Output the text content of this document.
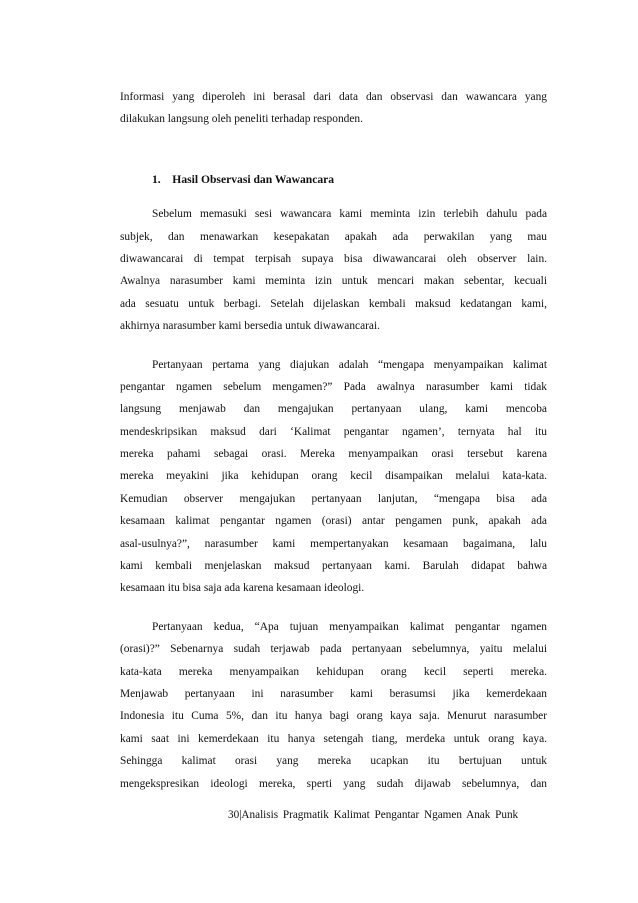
Informasi yang diperoleh ini berasal dari data dan observasi dan wawancara yang
dilakukan langsung oleh peneliti terhadap responden.
1. Hasil Observasi dan Wawancara
Sebelum memasuki sesi wawancara kami meminta izin terlebih dahulu pada
subjek, dan menawarkan kesepakatan apakah ada perwakilan yang mau
diwawancarai di tempat terpisah supaya bisa diwawancarai oleh observer lain.
Awalnya narasumber kami meminta izin untuk mencari makan sebentar, kecuali
ada sesuatu untuk berbagi. Setelah dijelaskan kembali maksud kedatangan kami,
akhirnya narasumber kami bersedia untuk diwawancarai.
Pertanyaan pertama yang diajukan adalah “mengapa menyampaikan kalimat
pengantar ngamen sebelum mengamen?” Pada awalnya narasumber kami tidak
langsung menjawab dan mengajukan pertanyaan ulang, kami mencoba
mendeskripsikan maksud dari ‘Kalimat pengantar ngamen’, ternyata hal itu
mereka pahami sebagai orasi. Mereka menyampaikan orasi tersebut karena
mereka meyakini jika kehidupan orang kecil disampaikan melalui kata-kata.
Kemudian observer mengajukan pertanyaan lanjutan, “mengapa bisa ada
kesamaan kalimat pengantar ngamen (orasi) antar pengamen punk, apakah ada
asal-usulnya?”, narasumber kami mempertanyakan kesamaan bagaimana, lalu
kami kembali menjelaskan maksud pertanyaan kami. Barulah didapat bahwa
kesamaan itu bisa saja ada karena kesamaan ideologi.
Pertanyaan kedua, “Apa tujuan menyampaikan kalimat pengantar ngamen
(orasi)?” Sebenarnya sudah terjawab pada pertanyaan sebelumnya, yaitu melalui
kata-kata mereka menyampaikan kehidupan orang kecil seperti mereka.
Menjawab pertanyaan ini narasumber kami berasumsi jika kemerdekaan
Indonesia itu Cuma 5%, dan itu hanya bagi orang kaya saja. Menurut narasumber
kami saat ini kemerdekaan itu hanya setengah tiang, merdeka untuk orang kaya.
Sehingga kalimat orasi yang mereka ucapkan itu bertujuan untuk
mengekspresikan ideologi mereka, sperti yang sudah dijawab sebelumnya, dan
30|Analisis Pragmatik Kalimat Pengantar Ngamen Anak Punk
